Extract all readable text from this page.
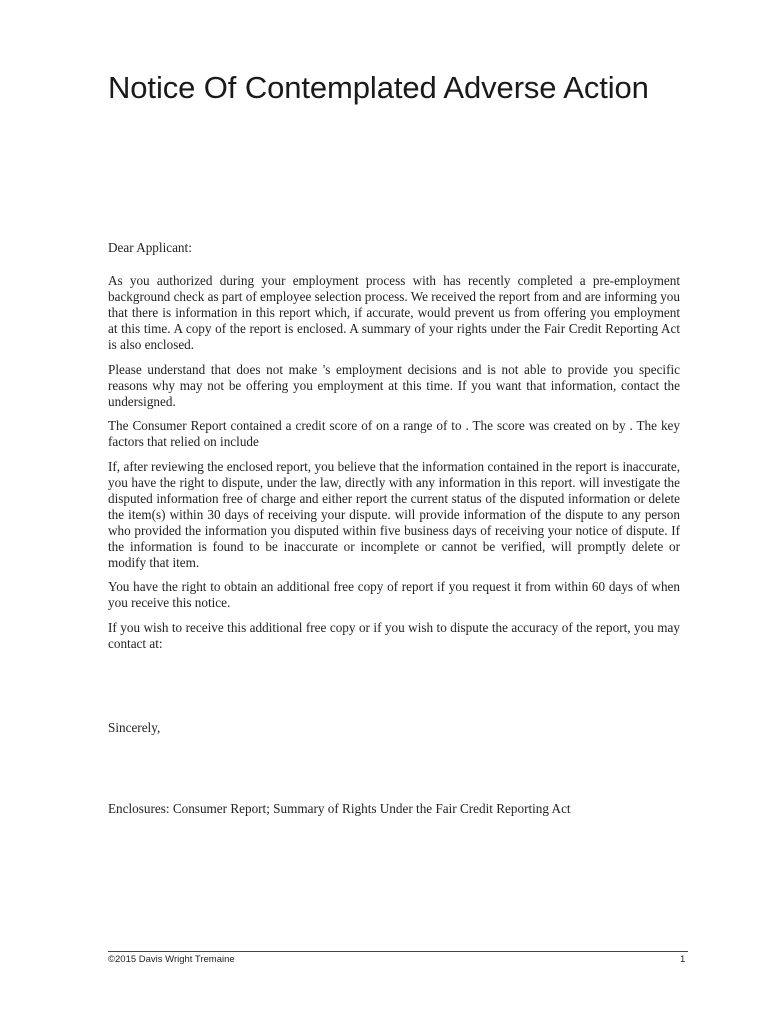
Notice Of Contemplated Adverse Action

Dear Applicant:

As you authorized during your employment process with has recently completed a pre-employment background check as part of employee selection process. We received the report from and are informing you that there is information in this report which, if accurate, would prevent us from offering you employment at this time. A copy of the report is enclosed. A summary of your rights under the Fair Credit Reporting Act is also enclosed.

Please understand that does not make 's employment decisions and is not able to provide you specific reasons why may not be offering you employment at this time. If you want that information, contact the undersigned.

The Consumer Report contained a credit score of on a range of to . The score was created on by . The key factors that relied on include

If, after reviewing the enclosed report, you believe that the information contained in the report is inaccurate, you have the right to dispute, under the law, directly with any information in this report. will investigate the disputed information free of charge and either report the current status of the disputed information or delete the item(s) within 30 days of receiving your dispute. will provide information of the dispute to any person who provided the information you disputed within five business days of receiving your notice of dispute. If the information is found to be inaccurate or incomplete or cannot be verified, will promptly delete or modify that item.

You have the right to obtain an additional free copy of report if you request it from within 60 days of when you receive this notice.

If you wish to receive this additional free copy or if you wish to dispute the accuracy of the report, you may contact at:

Sincerely,
Enclosures: Consumer Report; Summary of Rights Under the Fair Credit Reporting Act
©2015 Davis Wright Tremaine	1
